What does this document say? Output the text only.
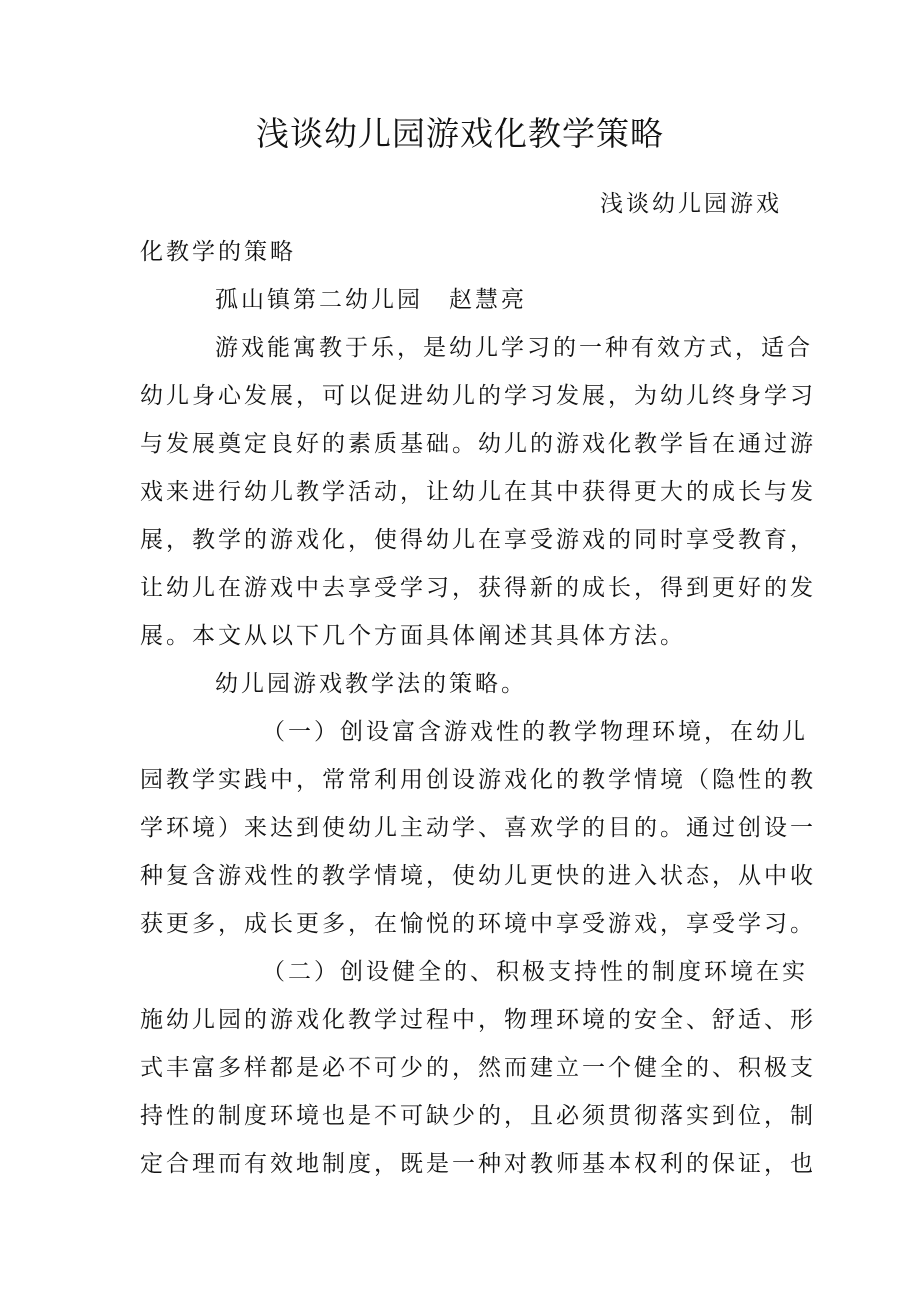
浅谈幼儿园游戏化教学策略
浅谈幼儿园游戏
化教学的策略
孤山镇第二幼儿园　赵慧亮
游戏能寓教于乐，是幼儿学习的一种有效方式，适合
幼儿身心发展，可以促进幼儿的学习发展，为幼儿终身学习
与发展奠定良好的素质基础。幼儿的游戏化教学旨在通过游
戏来进行幼儿教学活动，让幼儿在其中获得更大的成长与发
展，教学的游戏化，使得幼儿在享受游戏的同时享受教育，
让幼儿在游戏中去享受学习，获得新的成长，得到更好的发
展。本文从以下几个方面具体阐述其具体方法。
幼儿园游戏教学法的策略。
（一）创设富含游戏性的教学物理环境，在幼儿
园教学实践中，常常利用创设游戏化的教学情境（隐性的教
学环境）来达到使幼儿主动学、喜欢学的目的。通过创设一
种复含游戏性的教学情境，使幼儿更快的进入状态，从中收
获更多，成长更多，在愉悦的环境中享受游戏，享受学习。
（二）创设健全的、积极支持性的制度环境在实
施幼儿园的游戏化教学过程中，物理环境的安全、舒适、形
式丰富多样都是必不可少的，然而建立一个健全的、积极支
持性的制度环境也是不可缺少的，且必须贯彻落实到位，制
定合理而有效地制度，既是一种对教师基本权利的保证，也
